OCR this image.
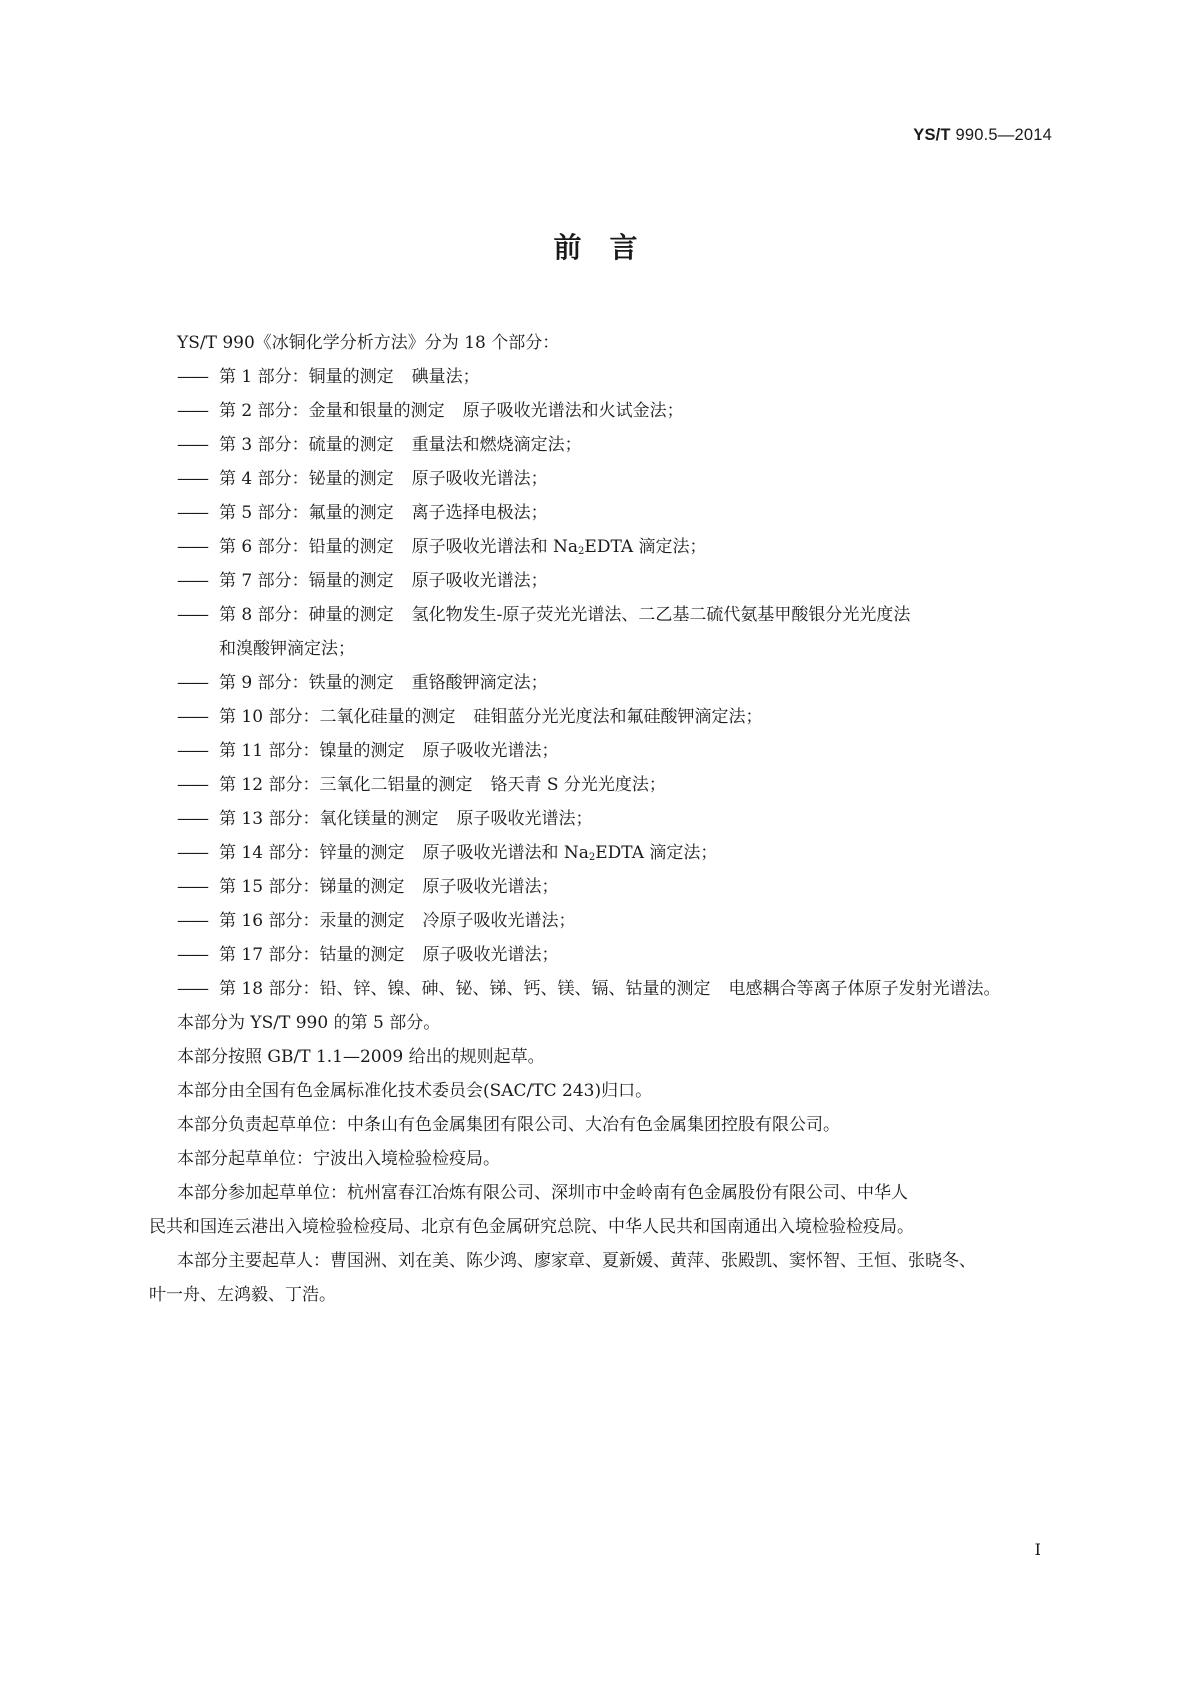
YS/T 990.5—2014
前　言
YS/T 990《冰铜化学分析方法》分为 18 个部分：
—— 第 1 部分：铜量的测定 碘量法；
—— 第 2 部分：金量和银量的测定 原子吸收光谱法和火试金法；
—— 第 3 部分：硫量的测定 重量法和燃烧滴定法；
—— 第 4 部分：铋量的测定 原子吸收光谱法；
—— 第 5 部分：氟量的测定 离子选择电极法；
—— 第 6 部分：铅量的测定 原子吸收光谱法和 $Na_2EDTA$ 滴定法；
—— 第 7 部分：镉量的测定 原子吸收光谱法；
—— 第 8 部分：砷量的测定 氢化物发生-原子荧光光谱法、二乙基二硫代氨基甲酸银分光光度法
和溴酸钾滴定法；
—— 第 9 部分：铁量的测定 重铬酸钾滴定法；
—— 第 10 部分：二氧化硅量的测定 硅钼蓝分光光度法和氟硅酸钾滴定法；
—— 第 11 部分：镍量的测定 原子吸收光谱法；
—— 第 12 部分：三氧化二铝量的测定 铬天青 S 分光光度法；
—— 第 13 部分：氧化镁量的测定 原子吸收光谱法；
—— 第 14 部分：锌量的测定 原子吸收光谱法和 $Na_2EDTA$ 滴定法；
—— 第 15 部分：锑量的测定 原子吸收光谱法；
—— 第 16 部分：汞量的测定 冷原子吸收光谱法；
—— 第 17 部分：钴量的测定 原子吸收光谱法；
—— 第 18 部分：铅、锌、镍、砷、铋、锑、钙、镁、镉、钴量的测定 电感耦合等离子体原子发射光谱法。
本部分为 YS/T 990 的第 5 部分。
本部分按照 GB/T 1.1—2009 给出的规则起草。
本部分由全国有色金属标准化技术委员会(SAC/TC 243)归口。
本部分负责起草单位：中条山有色金属集团有限公司、大冶有色金属集团控股有限公司。
本部分起草单位：宁波出入境检验检疫局。
本部分参加起草单位：杭州富春江冶炼有限公司、深圳市中金岭南有色金属股份有限公司、中华人
民共和国连云港出入境检验检疫局、北京有色金属研究总院、中华人民共和国南通出入境检验检疫局。
本部分主要起草人：曹国洲、刘在美、陈少鸿、廖家章、夏新媛、黄萍、张殿凯、窦怀智、王恒、张晓冬、
叶一舟、左鸿毅、丁浩。
I
